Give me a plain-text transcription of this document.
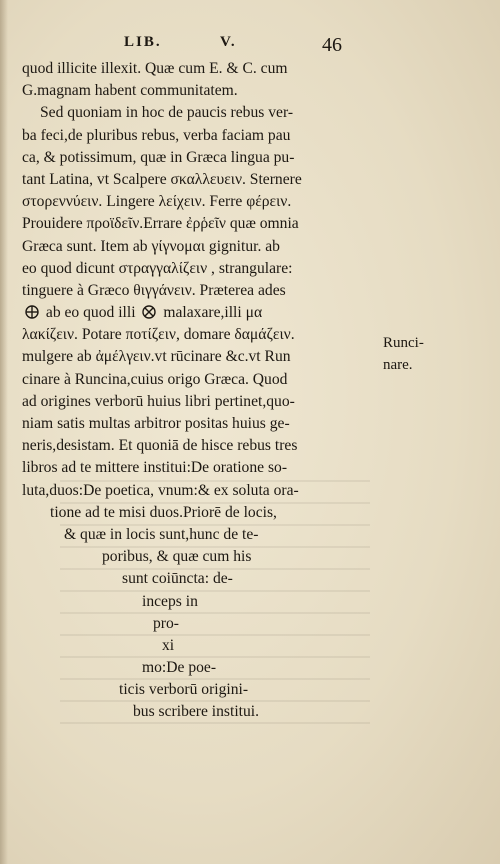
LIB.	V.	46
quod illicite illexit. Quæ cum E. & C. cum
G.magnam habent communitatem.
Sed quoniam in hoc de paucis rebus ver-
ba feci,de pluribus rebus, verba faciam pau
ca, & potissimum, quæ in Græca lingua pu-
tant Latina, vt Scalpere σκαλλευειν. Sternere
στορεννύειν. Lingere λείχειν. Ferre φέρειν.
Prouidere προϊδεῖν.Errare ἐρῥεῖν quæ omnia
Græca sunt. Item ab γίγνομαι gignitur. ab
eo quod dicunt στραγγαλίζειν , strangulare:
tinguere à Græco θιγγάνειν. Præterea ades
ab eo quod illi  malaxare,illi μα
λακίζειν. Potare ποτίζειν, domare δαμάζειν.
mulgere ab ἀμέλγειν.vt rūcinare &c.vt Run
cinare à Runcina,cuius origo Græca. Quod
ad origines verborū huius libri pertinet,quo-
niam satis multas arbitror positas huius ge-
neris,desistam. Et quoniā de hisce rebus tres
libros ad te mittere institui:De oratione so-
luta,duos:De poetica, vnum:& ex soluta ora-
tione ad te misi duos.Priorē de locis,
& quæ in locis sunt,hunc de te-
poribus, & quæ cum his
sunt coiūncta: de-
inceps in
pro-
xi
mo:De poe-
ticis verborū origini-
bus scribere institui.
Runci-
nare.
